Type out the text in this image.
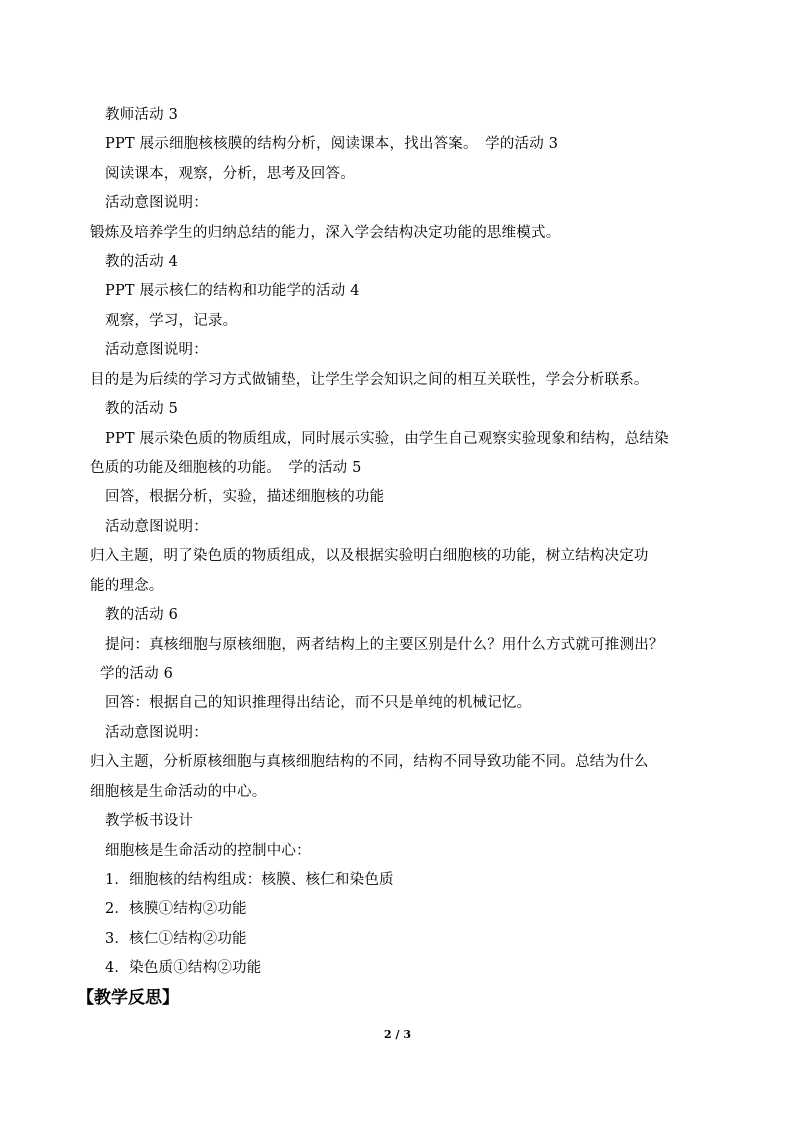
教师活动 3
PPT 展示细胞核核膜的结构分析，阅读课本，找出答案。　学的活动 3
阅读课本，观察，分析，思考及回答。
活动意图说明：
锻炼及培养学生的归纳总结的能力，深入学会结构决定功能的思维模式。
教的活动 4
PPT 展示核仁的结构和功能学的活动 4
观察，学习，记录。
活动意图说明：
目的是为后续的学习方式做铺垫，让学生学会知识之间的相互关联性，学会分析联系。
教的活动 5
PPT 展示染色质的物质组成，同时展示实验，由学生自己观察实验现象和结构，总结染
色质的功能及细胞核的功能。　学的活动 5
回答，根据分析，实验，描述细胞核的功能
活动意图说明：
归入主题，明了染色质的物质组成，以及根据实验明白细胞核的功能，树立结构决定功
能的理念。
教的活动 6
提问：真核细胞与原核细胞，两者结构上的主要区别是什么？用什么方式就可推测出？
学的活动 6
回答：根据自己的知识推理得出结论，而不只是单纯的机械记忆。
活动意图说明：
归入主题，分析原核细胞与真核细胞结构的不同，结构不同导致功能不同。总结为什么
细胞核是生命活动的中心。
教学板书设计
细胞核是生命活动的控制中心：
1．细胞核的结构组成：核膜、核仁和染色质
2．核膜①结构②功能
3．核仁①结构②功能
4．染色质①结构②功能
【教学反思】
2 / 3
